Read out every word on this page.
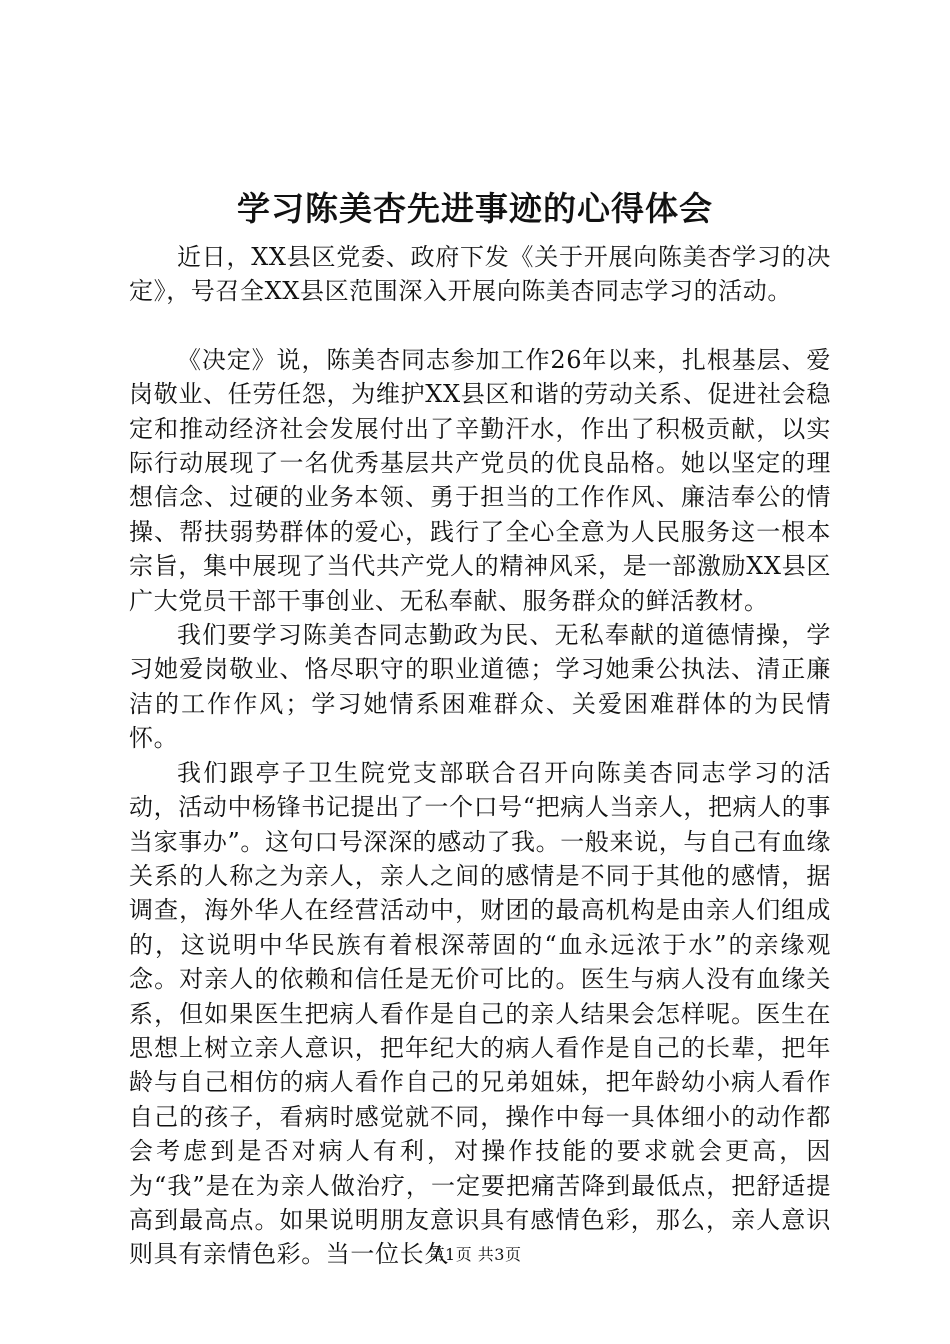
学习陈美杏先进事迹的心得体会

近日，XX县区党委、政府下发《关于开展向陈美杏学习的决定》，号召全XX县区范围深入开展向陈美杏同志学习的活动。

《决定》说，陈美杏同志参加工作26年以来，扎根基层、爱岗敬业、任劳任怨，为维护XX县区和谐的劳动关系、促进社会稳定和推动经济社会发展付出了辛勤汗水，作出了积极贡献，以实际行动展现了一名优秀基层共产党员的优良品格。她以坚定的理想信念、过硬的业务本领、勇于担当的工作作风、廉洁奉公的情操、帮扶弱势群体的爱心，践行了全心全意为人民服务这一根本宗旨，集中展现了当代共产党人的精神风采，是一部激励XX县区广大党员干部干事创业、无私奉献、服务群众的鲜活教材。

我们要学习陈美杏同志勤政为民、无私奉献的道德情操，学习她爱岗敬业、恪尽职守的职业道德；学习她秉公执法、清正廉洁的工作作风；学习她情系困难群众、关爱困难群体的为民情怀。

我们跟亭子卫生院党支部联合召开向陈美杏同志学习的活动，活动中杨锋书记提出了一个口号“把病人当亲人，把病人的事当家事办”。这句口号深深的感动了我。一般来说，与自己有血缘关系的人称之为亲人，亲人之间的感情是不同于其他的感情，据调查，海外华人在经营活动中，财团的最高机构是由亲人们组成的，这说明中华民族有着根深蒂固的“血永远浓于水”的亲缘观念。对亲人的依赖和信任是无价可比的。医生与病人没有血缘关系，但如果医生把病人看作是自己的亲人结果会怎样呢。医生在思想上树立亲人意识，把年纪大的病人看作是自己的长辈，把年龄与自己相仿的病人看作自己的兄弟姐妹，把年龄幼小病人看作自己的孩子，看病时感觉就不同，操作中每一具体细小的动作都会考虑到是否对病人有利，对操作技能的要求就会更高，因为“我”是在为亲人做治疗，一定要把痛苦降到最低点，把舒适提高到最高点。如果说明朋友意识具有感情色彩，那么，亲人意识则具有亲情色彩。当一位长久

第1页 共3页
